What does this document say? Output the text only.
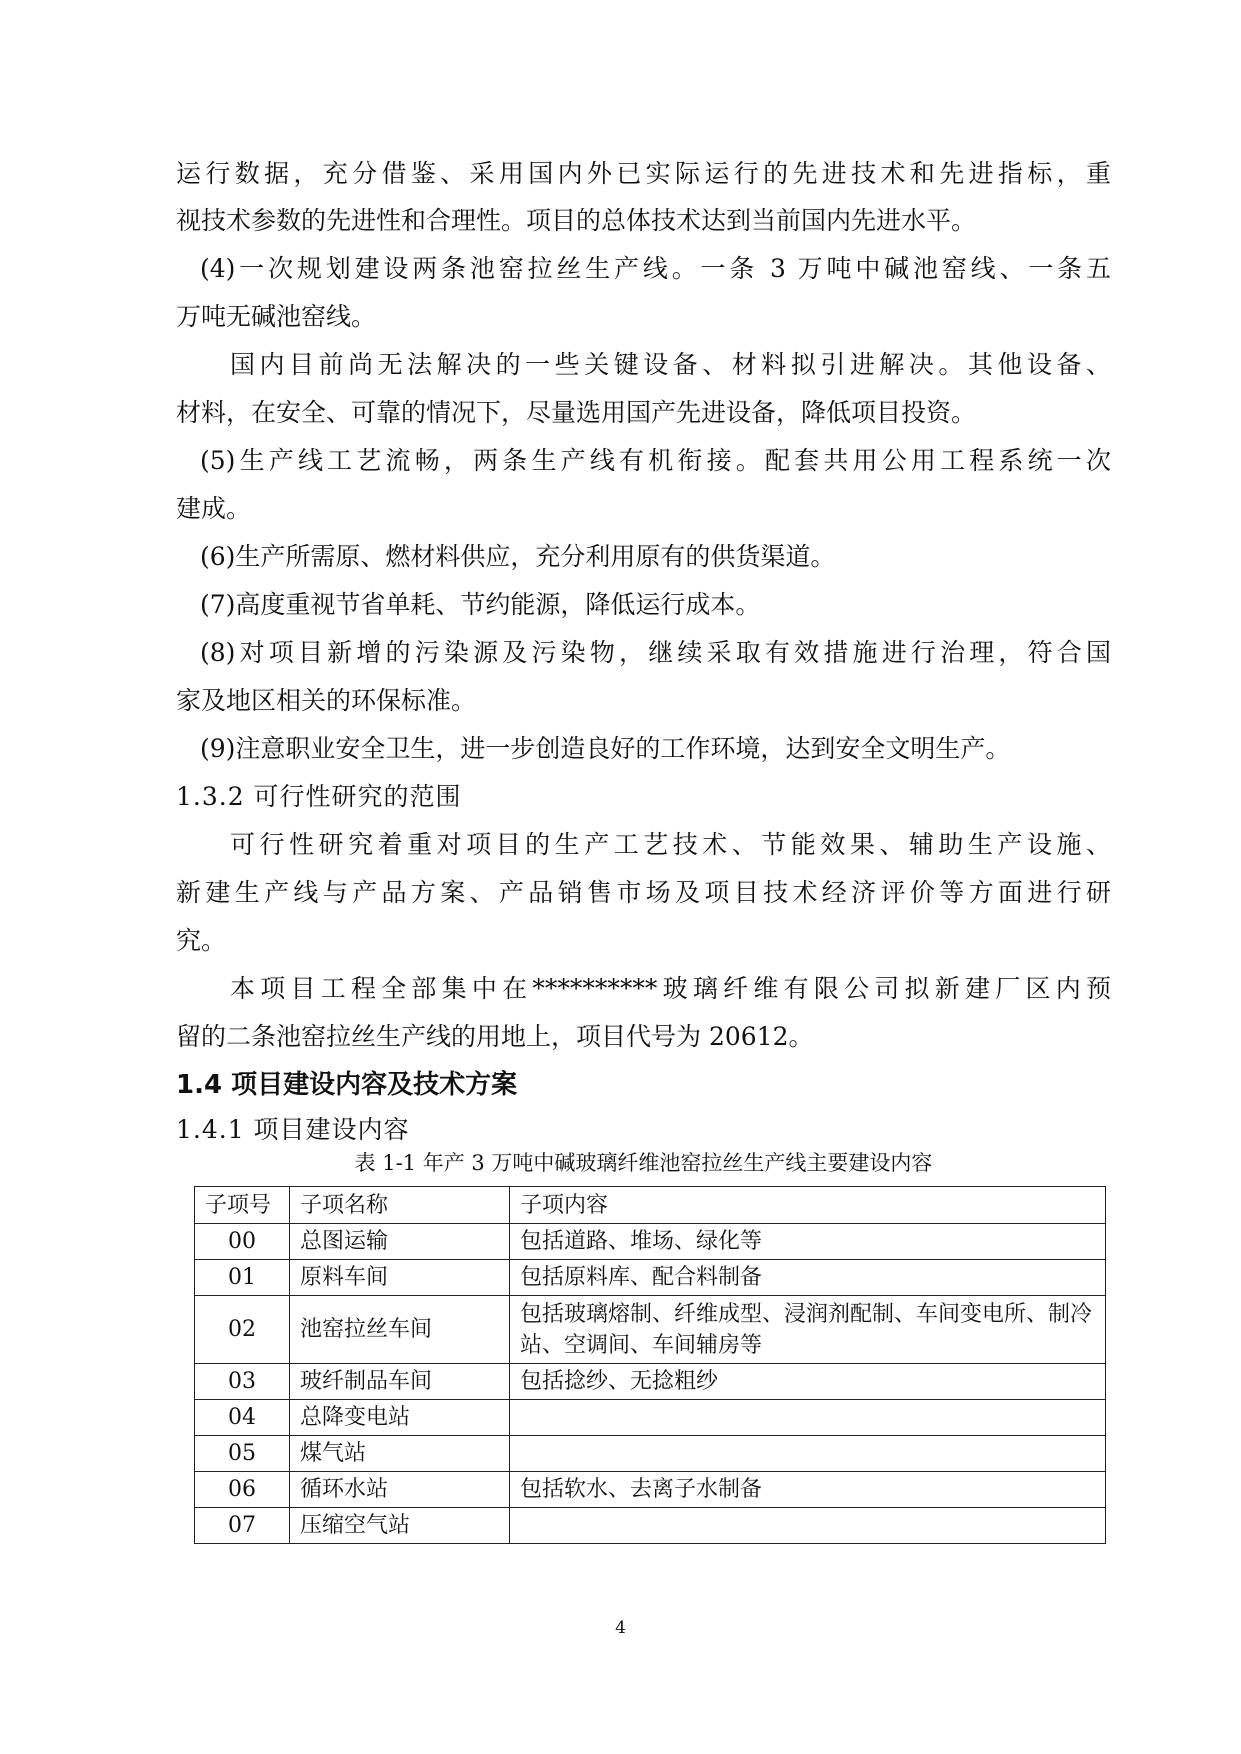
运行数据，充分借鉴、采用国内外已实际运行的先进技术和先进指标，重
视技术参数的先进性和合理性。项目的总体技术达到当前国内先进水平。
(4)一次规划建设两条池窑拉丝生产线。一条 3 万吨中碱池窑线、一条五
万吨无碱池窑线。
国内目前尚无法解决的一些关键设备、材料拟引进解决。其他设备、
材料，在安全、可靠的情况下，尽量选用国产先进设备，降低项目投资。
(5)生产线工艺流畅，两条生产线有机衔接。配套共用公用工程系统一次
建成。
(6)生产所需原、燃材料供应，充分利用原有的供货渠道。
(7)高度重视节省单耗、节约能源，降低运行成本。
(8)对项目新增的污染源及污染物，继续采取有效措施进行治理，符合国
家及地区相关的环保标准。
(9)注意职业安全卫生，进一步创造良好的工作环境，达到安全文明生产。
1.3.2 可行性研究的范围
可行性研究着重对项目的生产工艺技术、节能效果、辅助生产设施、
新建生产线与产品方案、产品销售市场及项目技术经济评价等方面进行研
究。
本项目工程全部集中在**********玻璃纤维有限公司拟新建厂区内预
留的二条池窑拉丝生产线的用地上，项目代号为 20612。
1.4 项目建设内容及技术方案
1.4.1 项目建设内容
表 1-1 年产 3 万吨中碱玻璃纤维池窑拉丝生产线主要建设内容
子项号	子项名称	子项内容
00	总图运输	包括道路、堆场、绿化等
01	原料车间	包括原料库、配合料制备
02	池窑拉丝车间	包括玻璃熔制、纤维成型、浸润剂配制、车间变电所、制冷站、空调间、车间辅房等
03	玻纤制品车间	包括捻纱、无捻粗纱
04	总降变电站	
05	煤气站	
06	循环水站	包括软水、去离子水制备
07	压缩空气站	
4
